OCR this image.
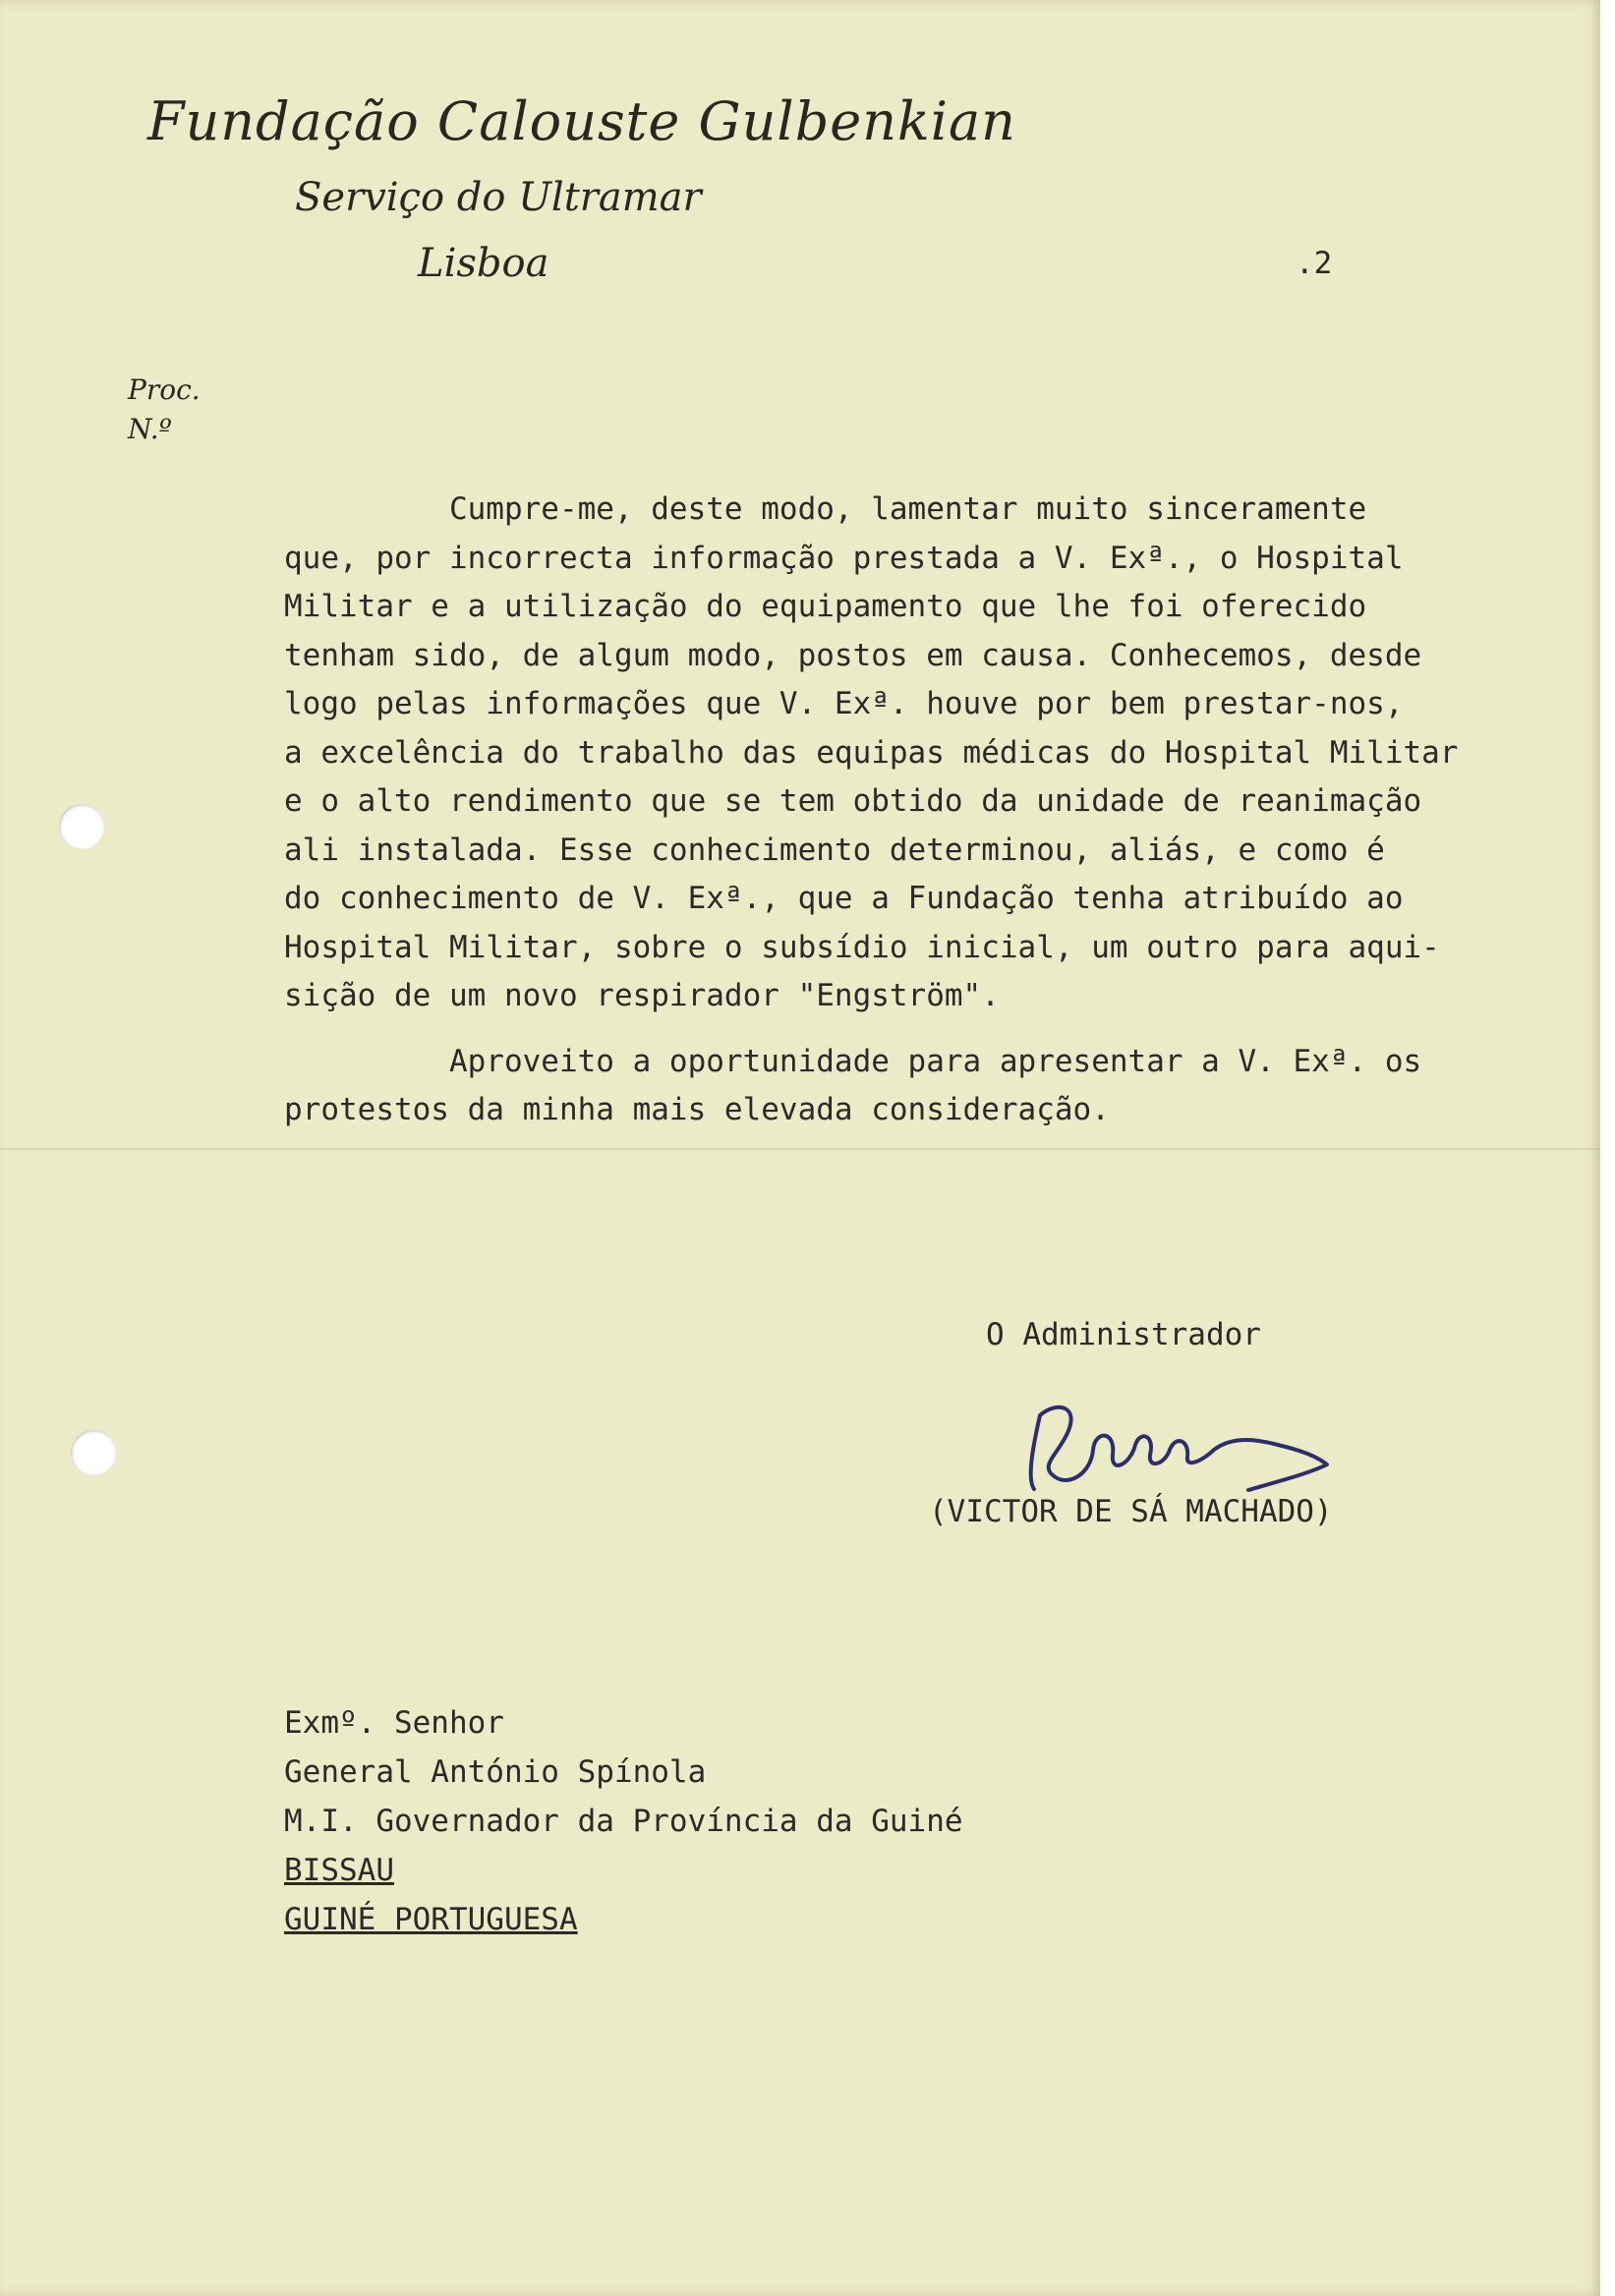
Fundação Calouste Gulbenkian
Serviço do Ultramar
Lisboa
Proc.
N.º
.2
Cumpre-me, deste modo, lamentar muito sinceramente
que, por incorrecta informação prestada a V. Exª., o Hospital
Militar e a utilização do equipamento que lhe foi oferecido
tenham sido, de algum modo, postos em causa. Conhecemos, desde
logo pelas informações que V. Exª. houve por bem prestar-nos,
a excelência do trabalho das equipas médicas do Hospital Militar
e o alto rendimento que se tem obtido da unidade de reanimação
ali instalada. Esse conhecimento determinou, aliás, e como é
do conhecimento de V. Exª., que a Fundação tenha atribuído ao
Hospital Militar, sobre o subsídio inicial, um outro para aqui-
sição de um novo respirador "Engström".
Aproveito a oportunidade para apresentar a V. Exª. os
protestos da minha mais elevada consideração.
O Administrador
(VICTOR DE SÁ MACHADO)
Exmº. Senhor
General António Spínola
M.I. Governador da Província da Guiné
BISSAU
GUINÉ PORTUGUESA
